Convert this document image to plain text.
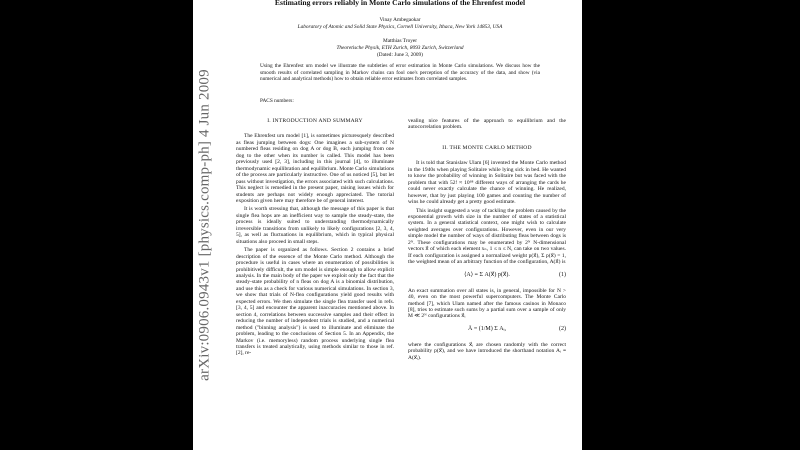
arXiv:0906.0943v1 [physics.comp-ph] 4 Jun 2009
Estimating errors reliably in Monte Carlo simulations of the Ehrenfest model
Vinay Ambegaokar
Laboratory of Atomic and Solid State Physics, Cornell University, Ithaca, New York 14853, USA
Matthias Troyer
Theoretische Physik, ETH Zurich, 8093 Zurich, Switzerland
(Dated: June 3, 2009)
Using the Ehrenfest urn model we illustrate the subtleties of error estimation in Monte Carlo simulations. We discuss how the smooth results of correlated sampling in Markov chains can fool one's perception of the accuracy of the data, and show (via numerical and analytical methods) how to obtain reliable error estimates from correlated samples.
PACS numbers:
I. INTRODUCTION AND SUMMARY

The Ehrenfest urn model [1], is sometimes picturesquely described as fleas jumping between dogs: One imagines a sub-system of N numbered fleas residing on dog A or dog B, each jumping from one dog to the other when its number is called. This model has been previously used [2, 3], including in this journal [4], to illuminate thermodynamic equilibration and equilibrium. Monte Carlo simulations of the process are particularly instructive. One of us noticed [5], but let pass without investigation, the errors associated with such calculations. This neglect is remedied in the present paper, raising issues which for students are perhaps not widely enough appreciated. The tutorial exposition given here may therefore be of general interest.

It is worth stressing that, although the message of this paper is that single flea hops are an inefficient way to sample the steady-state, the process is ideally suited to understanding thermodynamically irreversible transitions from unlikely to likely configurations [2, 3, 4, 5], as well as fluctuations in equilibrium, which in typical physical situations also proceed in small steps.

The paper is organized as follows. Section 2 contains a brief description of the essence of the Monte Carlo method. Although the procedure is useful in cases where an enumeration of possibilities is prohibitively difficult, the urn model is simple enough to allow explicit analysis. In the main body of the paper we exploit only the fact that the steady-state probability of n fleas on dog A is a binomial distribution, and use this as a check for various numerical simulations. In section 3, we show that trials of N-flea configurations yield good results with expected errors. We then simulate the single flea transfer used in refs.[3, 4, 5] and encounter the apparent inaccuracies mentioned above. In section 4, correlations between successive samples and their effect in reducing the number of independent trials is studied, and a numerical method ("binning analysis") is used to illuminate and eliminate the problem, leading to the conclusions of Section 5. In an Appendix, the Markov (i.e. memoryless) random process underlying single flea transfers is treated analytically, using methods similar to those in ref.[2], re-

vealing nice features of the approach to equilibrium and the autocorrelation problem.

II. THE MONTE CARLO METHOD

It is told that Stanislaw Ulam [6] invented the Monte Carlo method in the 1940s when playing Solitaire while lying sick in bed. He wanted to know the probability of winning in Solitaire but was faced with the problem that with 52! ≈ 10⁶⁸ different ways of arranging the cards he could never exactly calculate the chance of winning. He realized, however, that by just playing 100 games and counting the number of wins he could already get a pretty good estimate.

This insight suggested a way of tackling the problem caused by the exponential growth with size in the number of states of a statistical system. In a general statistical context, one might wish to calculate weighted averages over configurations. However, even in our very simple model the number of ways of distributing fleas between dogs is 2ᴺ. These configurations may be enumerated by 2ᴺ N-dimensional vectors x⃗ of which each element xₙ, 1 ≤ n ≤ N, can take on two values. If each configuration is assigned a normalized weight p(x⃗), Σ p(x⃗) = 1, the weighted mean of an arbitrary function of the configuration, A(x⃗) is

⟨A⟩ ≡ Σ A(x⃗) p(x⃗).	(1)

An exact summation over all states is, in general, impossible for N > 40, even on the most powerful supercomputers. The Monte Carlo method [7], which Ulam named after the famous casinos in Monaco [8], tries to estimate such sums by a partial sum over a sample of only M ≪ 2ᴺ configurations x⃗ᵢ

Ā = (1/M) Σ Aᵢ,	(2)

where the configurations x⃗ᵢ are chosen randomly with the correct probability p(x⃗), and we have introduced the shorthand notation Aᵢ ≡ A(x⃗ᵢ).
